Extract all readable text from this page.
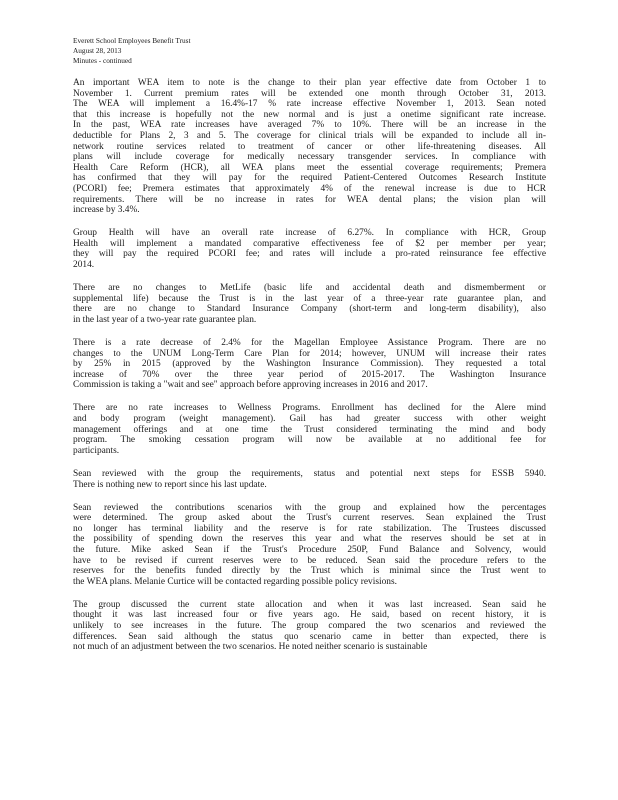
Everett School Employees Benefit Trust
August 28, 2013
Minutes - continued
An important WEA item to note is the change to their plan year effective date from October 1 to
November 1. Current premium rates will be extended one month through October 31, 2013.
The WEA will implement a 16.4%-17 % rate increase effective November 1, 2013. Sean noted
that this increase is hopefully not the new normal and is just a onetime significant rate increase.
In the past, WEA rate increases have averaged 7% to 10%. There will be an increase in the
deductible for Plans 2, 3 and 5. The coverage for clinical trials will be expanded to include all in-
network routine services related to treatment of cancer or other life-threatening diseases. All
plans will include coverage for medically necessary transgender services. In compliance with
Health Care Reform (HCR), all WEA plans meet the essential coverage requirements; Premera
has confirmed that they will pay for the required Patient-Centered Outcomes Research Institute
(PCORI) fee; Premera estimates that approximately 4% of the renewal increase is due to HCR
requirements. There will be no increase in rates for WEA dental plans; the vision plan will
increase by 3.4%.
Group Health will have an overall rate increase of 6.27%. In compliance with HCR, Group
Health will implement a mandated comparative effectiveness fee of $2 per member per year;
they will pay the required PCORI fee; and rates will include a pro-rated reinsurance fee effective
2014.
There are no changes to MetLife (basic life and accidental death and dismemberment or
supplemental life) because the Trust is in the last year of a three-year rate guarantee plan, and
there are no change to Standard Insurance Company (short-term and long-term disability), also
in the last year of a two-year rate guarantee plan.
There is a rate decrease of 2.4% for the Magellan Employee Assistance Program. There are no
changes to the UNUM Long-Term Care Plan for 2014; however, UNUM will increase their rates
by 25% in 2015 (approved by the Washington Insurance Commission). They requested a total
increase of 70% over the three year period of 2015-2017. The Washington Insurance
Commission is taking a "wait and see" approach before approving increases in 2016 and 2017.
There are no rate increases to Wellness Programs. Enrollment has declined for the Alere mind
and body program (weight management). Gail has had greater success with other weight
management offerings and at one time the Trust considered terminating the mind and body
program. The smoking cessation program will now be available at no additional fee for
participants.
Sean reviewed with the group the requirements, status and potential next steps for ESSB 5940.
There is nothing new to report since his last update.
Sean reviewed the contributions scenarios with the group and explained how the percentages
were determined. The group asked about the Trust's current reserves. Sean explained the Trust
no longer has terminal liability and the reserve is for rate stabilization. The Trustees discussed
the possibility of spending down the reserves this year and what the reserves should be set at in
the future. Mike asked Sean if the Trust's Procedure 250P, Fund Balance and Solvency, would
have to be revised if current reserves were to be reduced. Sean said the procedure refers to the
reserves for the benefits funded directly by the Trust which is minimal since the Trust went to
the WEA plans. Melanie Curtice will be contacted regarding possible policy revisions.
The group discussed the current state allocation and when it was last increased. Sean said he
thought it was last increased four or five years ago. He said, based on recent history, it is
unlikely to see increases in the future. The group compared the two scenarios and reviewed the
differences. Sean said although the status quo scenario came in better than expected, there is
not much of an adjustment between the two scenarios. He noted neither scenario is sustainable
